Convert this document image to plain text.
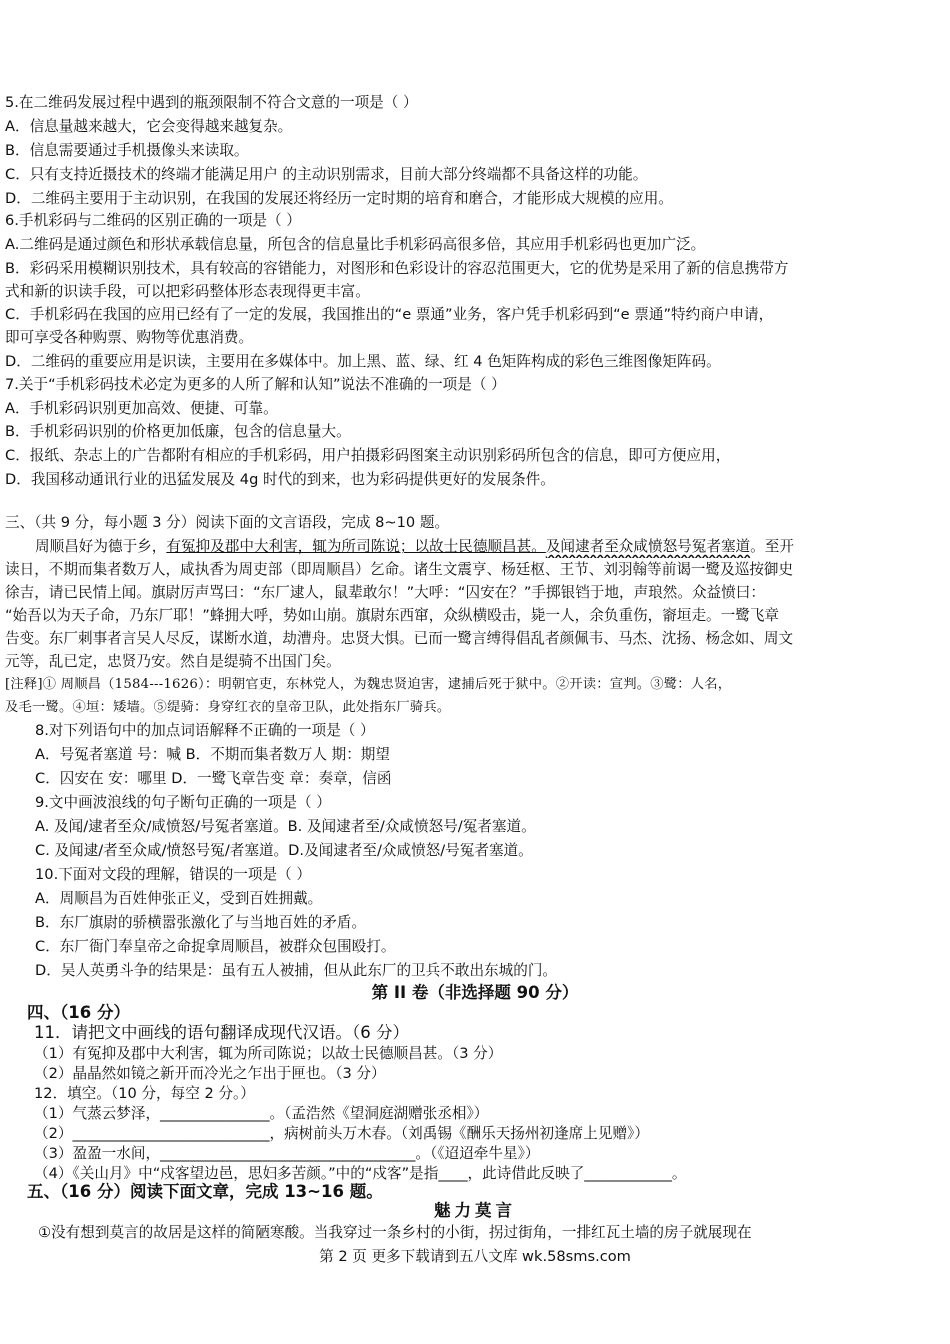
5.在二维码发展过程中遇到的瓶颈限制不符合文意的一项是（ ）
A．信息量越来越大，它会变得越来越复杂。
B．信息需要通过手机摄像头来读取。
C．只有支持近摄技术的终端才能满足用户 的主动识别需求，目前大部分终端都不具备这样的功能。
D．二维码主要用于主动识别，在我国的发展还将经历一定时期的培育和磨合，才能形成大规模的应用。
6.手机彩码与二维码的区别正确的一项是（ ）
A.二维码是通过颜色和形状承载信息量，所包含的信息量比手机彩码高很多倍，其应用手机彩码也更加广泛。
B．彩码采用模糊识别技术，具有较高的容错能力，对图形和色彩设计的容忍范围更大，它的优势是采用了新的信息携带方
式和新的识读手段，可以把彩码整体形态表现得更丰富。
C．手机彩码在我国的应用已经有了一定的发展，我国推出的“e 票通”业务，客户凭手机彩码到“e 票通”特约商户申请，
即可享受各种购票、购物等优惠消费。
D．二维码的重要应用是识读，主要用在多媒体中。加上黑、蓝、绿、红 4 色矩阵构成的彩色三维图像矩阵码。
7.关于“手机彩码技术必定为更多的人所了解和认知”说法不准确的一项是（ ）
A．手机彩码识别更加高效、便捷、可靠。
B．手机彩码识别的价格更加低廉，包含的信息量大。
C．报纸、杂志上的广告都附有相应的手机彩码，用户拍摄彩码图案主动识别彩码所包含的信息，即可方便应用，
D．我国移动通讯行业的迅猛发展及 4g 时代的到来，也为彩码提供更好的发展条件。
三、（共 9 分，每小题 3 分）阅读下面的文言语段，完成 8~10 题。
周顺昌好为德于乡，有冤抑及郡中大利害，辄为所司陈说；以故士民德顺昌甚。及闻逮者至众咸愤怒号冤者塞道。至开
读日，不期而集者数万人，咸执香为周吏部（即周顺昌）乞命。诸生文震亨、杨廷枢、王节、刘羽翰等前谒一鹭及巡按御史
徐吉，请已民情上闻。旗尉厉声骂曰：“东厂逮人，鼠辈敢尔！”大呼：“囚安在？”手掷银铛于地，声琅然。众益愤曰：
“始吾以为天子命，乃东厂耶！”蜂拥大呼，势如山崩。旗尉东西窜，众纵横殴击，毙一人，余负重伤，窬垣走。一鹭飞章
告变。东厂刺事者言吴人尽反，谋断水道，劫漕舟。忠贤大惧。已而一鹭言缚得倡乱者颜佩韦、马杰、沈扬、杨念如、周文
元等，乱已定，忠贤乃安。然自是缇骑不出国门矣。
[注释]① 周顺昌（1584---1626）：明朝官吏，东林党人，为魏忠贤迫害，逮捕后死于狱中。②开读：宣判。③鹭：人名，
及毛一鹭。④垣：矮墙。⑤缇骑：身穿红衣的皇帝卫队，此处指东厂骑兵。
8.对下列语句中的加点词语解释不正确的一项是（ ）
A．号冤者塞道 号：喊 B．不期而集者数万人 期：期望
C．囚安在 安：哪里 D．一鹭飞章告变 章：奏章，信函
9.文中画波浪线的句子断句正确的一项是（ ）
A. 及闻/逮者至众/咸愤怒/号冤者塞道。B. 及闻逮者至/众咸愤怒号/冤者塞道。
C. 及闻逮/者至众咸/愤怒号冤/者塞道。D.及闻逮者至/众咸愤怒/号冤者塞道。
10.下面对文段的理解，错误的一项是（ ）
A．周顺昌为百姓伸张正义，受到百姓拥戴。
B．东厂旗尉的骄横嚣张激化了与当地百姓的矛盾。
C．东厂衙门奉皇帝之命捉拿周顺昌，被群众包围殴打。
D．吴人英勇斗争的结果是：虽有五人被捕，但从此东厂的卫兵不敢出东城的门。
第 II 卷（非选择题 90 分）
四、（16 分）
11．请把文中画线的语句翻译成现代汉语。（6 分）
（1）有冤抑及郡中大利害，辄为所司陈说；以故士民德顺昌甚。（3 分）
（2）晶晶然如镜之新开而冷光之乍出于匣也。（3 分）
12．填空。（10 分，每空 2 分。）
（1）气蒸云梦泽，_______________。（孟浩然《望洞庭湖赠张丞相》）
（2）___________________________，病树前头万木春。（刘禹锡《酬乐天扬州初逢席上见赠》）
（3）盈盈一水间，___________________________________。（《迢迢牵牛星》）
（4）《关山月》中“戍客望边邑，思妇多苦颜。”中的“戍客”是指____，此诗借此反映了____________。
五、（16 分）阅读下面文章，完成 13~16 题。
魅力莫言
①没有想到莫言的故居是这样的简陋寒酸。当我穿过一条乡村的小街，拐过街角，一排红瓦土墙的房子就展现在
第 2 页 更多下载请到五八文库 wk.58sms.com
